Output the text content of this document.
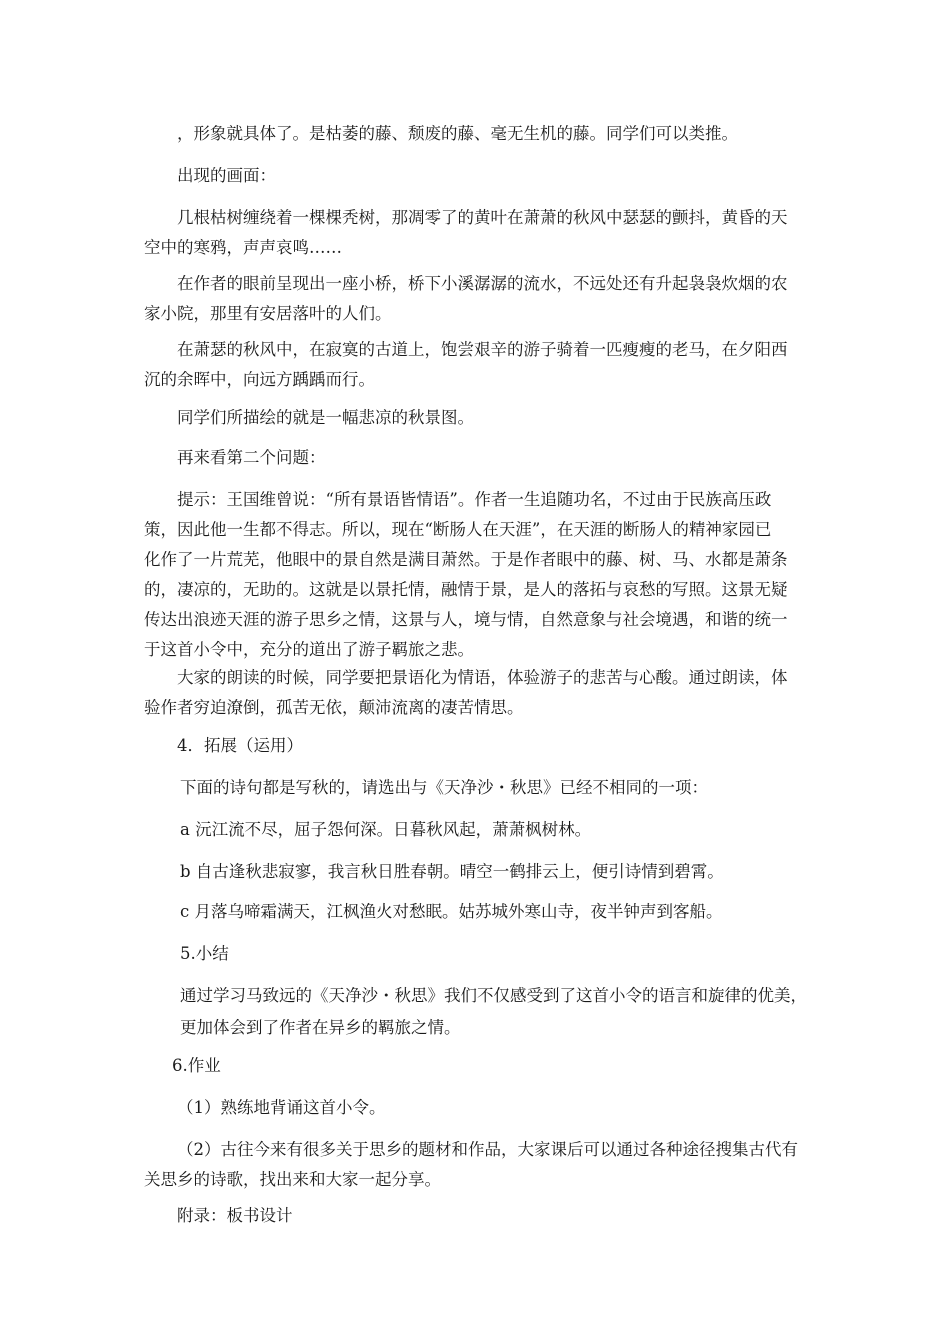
，形象就具体了。是枯萎的藤、颓废的藤、毫无生机的藤。同学们可以类推。
出现的画面：
几根枯树缠绕着一棵棵秃树，那凋零了的黄叶在萧萧的秋风中瑟瑟的颤抖，黄昏的天
空中的寒鸦，声声哀鸣……
在作者的眼前呈现出一座小桥，桥下小溪潺潺的流水，不远处还有升起袅袅炊烟的农
家小院，那里有安居落叶的人们。
在萧瑟的秋风中，在寂寞的古道上，饱尝艰辛的游子骑着一匹瘦瘦的老马，在夕阳西
沉的余晖中，向远方踽踽而行。
同学们所描绘的就是一幅悲凉的秋景图。
再来看第二个问题：
提示：王国维曾说：“所有景语皆情语”。作者一生追随功名，不过由于民族高压政
策，因此他一生都不得志。所以，现在“断肠人在天涯”，在天涯的断肠人的精神家园已
化作了一片荒芜，他眼中的景自然是满目萧然。于是作者眼中的藤、树、马、水都是萧条
的，凄凉的，无助的。这就是以景托情，融情于景，是人的落拓与哀愁的写照。这景无疑
传达出浪迹天涯的游子思乡之情，这景与人，境与情，自然意象与社会境遇，和谐的统一
于这首小令中，充分的道出了游子羁旅之悲。
大家的朗读的时候，同学要把景语化为情语，体验游子的悲苦与心酸。通过朗读，体
验作者穷迫潦倒，孤苦无依，颠沛流离的凄苦情思。
4．拓展（运用）
下面的诗句都是写秋的，请选出与《天净沙・秋思》已经不相同的一项：
a 沅江流不尽，屈子怨何深。日暮秋风起，萧萧枫树林。
b 自古逢秋悲寂寥，我言秋日胜春朝。晴空一鹤排云上，便引诗情到碧霄。
c 月落乌啼霜满天，江枫渔火对愁眠。姑苏城外寒山寺，夜半钟声到客船。
5.小结
通过学习马致远的《天净沙・秋思》我们不仅感受到了这首小令的语言和旋律的优美，
更加体会到了作者在异乡的羁旅之情。
6.作业
（1）熟练地背诵这首小令。
（2）古往今来有很多关于思乡的题材和作品，大家课后可以通过各种途径搜集古代有
关思乡的诗歌，找出来和大家一起分享。
附录：板书设计
